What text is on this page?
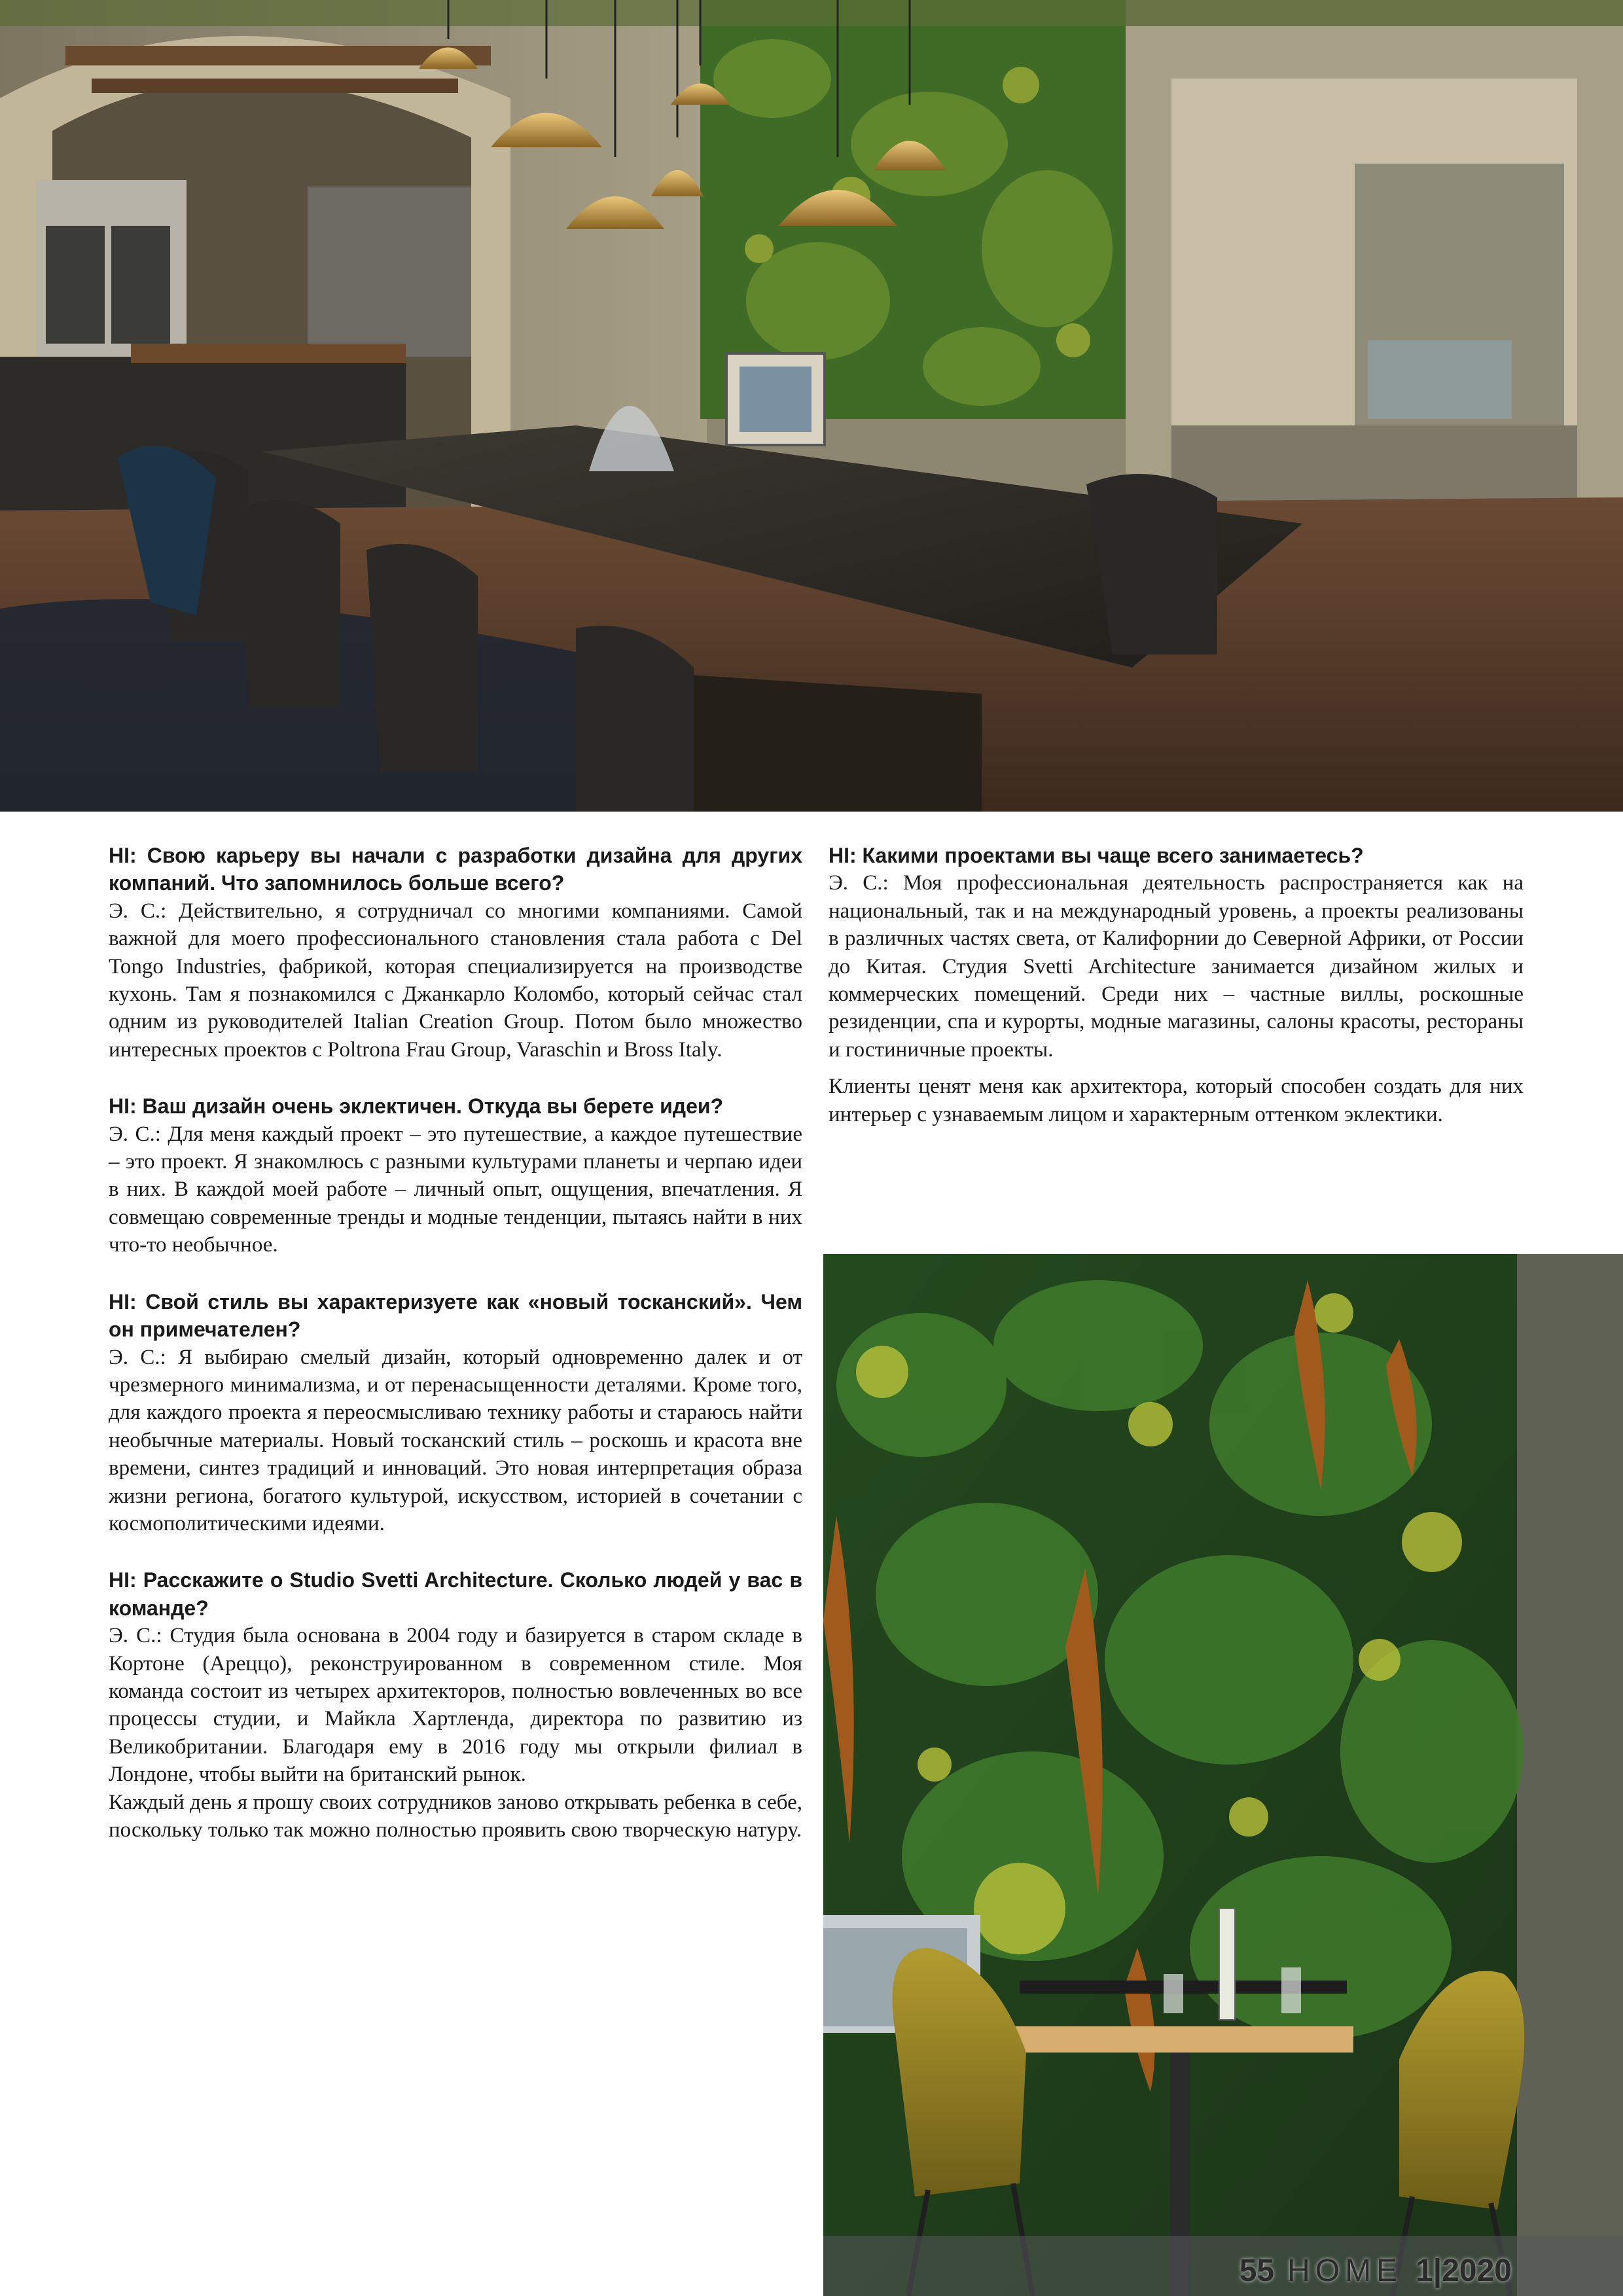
HI: Свою карьеру вы начали с разработки дизайна для других компаний. Что запомнилось больше всего?

Э. С.: Действительно, я сотрудничал со многими компаниями. Самой важной для моего профессионального становления стала работа с Del Tongo Industries, фабрикой, которая специализируется на производстве кухонь. Там я познакомился с Джанкарло Коломбо, который сейчас стал одним из руководителей Italian Creation Group. Потом было множество интересных проектов с Poltrona Frau Group, Varaschin и Bross Italy.

HI: Ваш дизайн очень эклектичен. Откуда вы берете идеи?

Э. С.: Для меня каждый проект – это путешествие, а каждое путешествие – это проект. Я знакомлюсь с разными культурами планеты и черпаю идеи в них. В каждой моей работе – личный опыт, ощущения, впечатления. Я совмещаю современные тренды и модные тенденции, пытаясь найти в них что-то необычное.

HI: Свой стиль вы характеризуете как «новый тосканский». Чем он примечателен?

Э. С.: Я выбираю смелый дизайн, который одновременно далек и от чрезмерного минимализма, и от перенасыщенности деталями. Кроме того, для каждого проекта я переосмысливаю технику работы и стараюсь найти необычные материалы. Новый тосканский стиль – роскошь и красота вне времени, синтез традиций и инноваций. Это новая интерпретация образа жизни региона, богатого культурой, искусством, историей в сочетании с космополитическими идеями.

HI: Расскажите о Studio Svetti Architecture. Сколько людей у вас в команде?

Э. С.: Студия была основана в 2004 году и базируется в старом складе в Кортоне (Ареццо), реконструированном в современном стиле. Моя команда состоит из четырех архитекторов, полностью вовлеченных во все процессы студии, и Майкла Хартленда, директора по развитию из Великобритании. Благодаря ему в 2016 году мы открыли филиал в Лондоне, чтобы выйти на британский рынок.

Каждый день я прошу своих сотрудников заново открывать ребенка в себе, поскольку только так можно полностью проявить свою творческую натуру.

HI: Какими проектами вы чаще всего занимаетесь?

Э. С.: Моя профессиональная деятельность распространяется как на национальный, так и на международный уровень, а проекты реализованы в различных частях света, от Калифорнии до Северной Африки, от России до Китая. Студия Svetti Architecture занимается дизайном жилых и коммерческих помещений. Среди них – частные виллы, роскошные резиденции, спа и курорты, модные магазины, салоны красоты, рестораны и гостиничные проекты.

Клиенты ценят меня как архитектора, который способен создать для них интерьер с узнаваемым лицом и характерным оттенком эклектики.

55 HOME 1|2020
